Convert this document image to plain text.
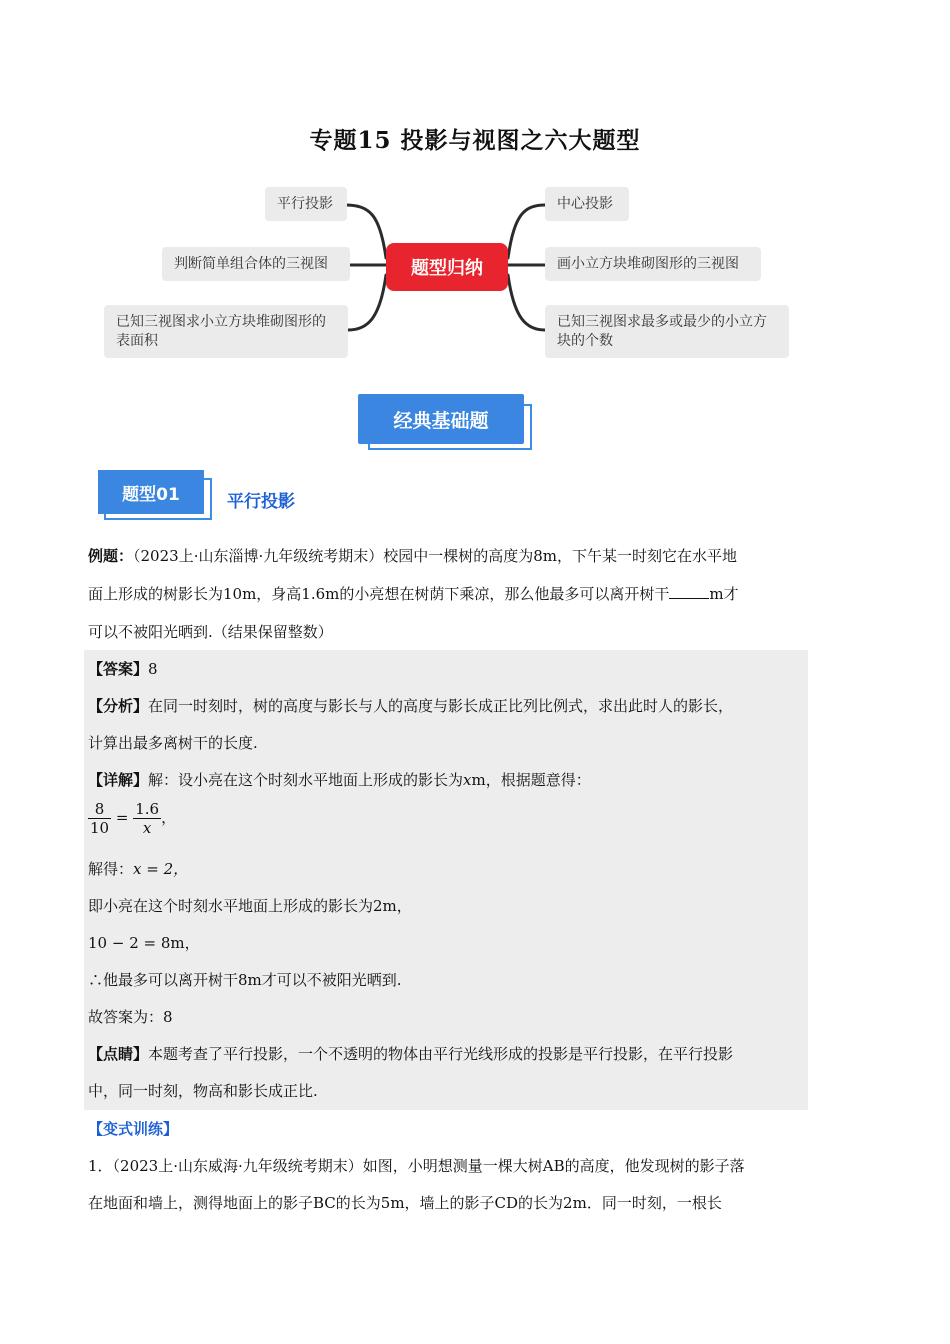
专题15 投影与视图之六大题型
平行投影
判断简单组合体的三视图
已知三视图求小立方块堆砌图形的表面积
题型归纳
中心投影
画小立方块堆砌图形的三视图
已知三视图求最多或最少的小立方块的个数
经典基础题
题型01	平行投影
例题：（2023上·山东淄博·九年级统考期末）校园中一棵树的高度为8m，下午某一时刻它在水平地
面上形成的树影长为10m，身高1.6m的小亮想在树荫下乘凉，那么他最多可以离开树干	m才
可以不被阳光晒到.（结果保留整数）
【答案】8
【分析】在同一时刻时，树的高度与影长与人的高度与影长成正比列比例式，求出此时人的影长，
计算出最多离树干的长度.
【详解】解：设小亮在这个时刻水平地面上形成的影长为xm，根据题意得：
$\frac{8}{10} = \frac{1.6}{x}$ ，
解得：x = 2，
即小亮在这个时刻水平地面上形成的影长为2m，
10 − 2 = 8m，
∴他最多可以离开树干8m才可以不被阳光晒到.
故答案为：8
【点睛】本题考查了平行投影，一个不透明的物体由平行光线形成的投影是平行投影，在平行投影
中，同一时刻，物高和影长成正比.
【变式训练】
1．（2023上·山东威海·九年级统考期末）如图，小明想测量一棵大树AB的高度，他发现树的影子落
在地面和墙上，测得地面上的影子BC的长为5m，墙上的影子CD的长为2m．同一时刻，一根长
